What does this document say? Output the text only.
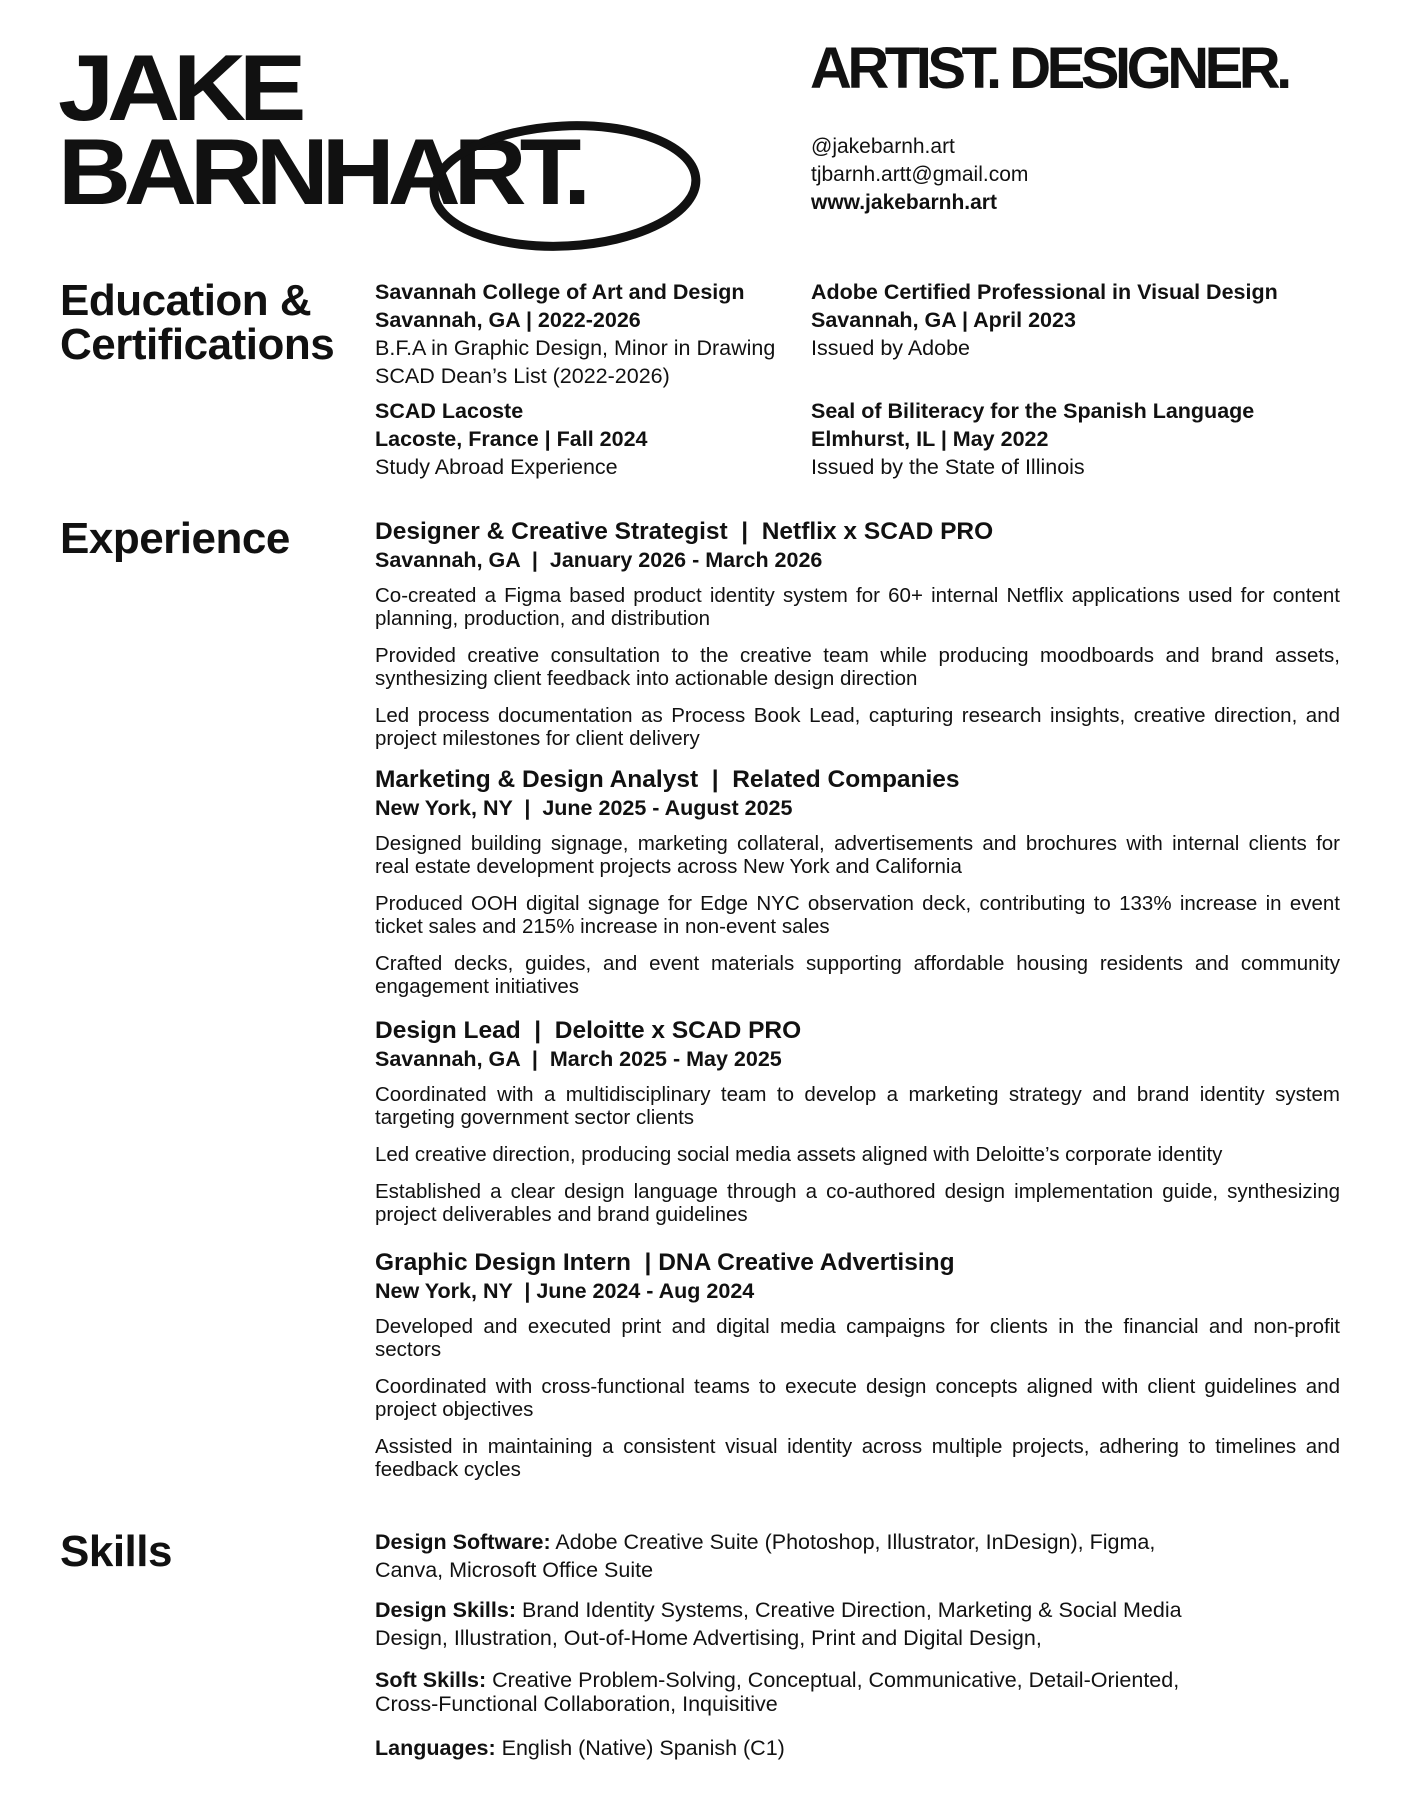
JAKE
BARNHART.
ARTIST. DESIGNER.
@jakebarnh.art
tjbarnh.artt@gmail.com
www.jakebarnh.art
Education &
Certifications
Savannah College of Art and Design
Savannah, GA | 2022-2026
B.F.A in Graphic Design, Minor in Drawing
SCAD Dean’s List (2022-2026)
Adobe Certified Professional in Visual Design
Savannah, GA | April 2023
Issued by Adobe
SCAD Lacoste
Lacoste, France | Fall 2024
Study Abroad Experience
Seal of Biliteracy for the Spanish Language
Elmhurst, IL | May 2022
Issued by the State of Illinois
Experience	Designer & Creative Strategist  |  Netflix x SCAD PRO
Savannah, GA  |  January 2026 - March 2026
Co-created a Figma based product identity system for 60+ internal Netflix applications used for content planning, production, and distribution
Provided creative consultation to the creative team while producing moodboards and brand assets, synthesizing client feedback into actionable design direction
Led process documentation as Process Book Lead, capturing research insights, creative direction, and project milestones for client delivery
Marketing & Design Analyst  |  Related Companies
New York, NY  |  June 2025 - August 2025
Designed building signage, marketing collateral, advertisements and brochures with internal clients for real estate development projects across New York and California
Produced OOH digital signage for Edge NYC observation deck, contributing to 133% increase in event ticket sales and 215% increase in non-event sales
Crafted decks, guides, and event materials supporting affordable housing residents and community engagement initiatives
Design Lead  |  Deloitte x SCAD PRO
Savannah, GA  |  March 2025 - May 2025
Coordinated with a multidisciplinary team to develop a marketing strategy and brand identity system targeting government sector clients
Led creative direction, producing social media assets aligned with Deloitte’s corporate identity
Established a clear design language through a co-authored design implementation guide, synthesizing project deliverables and brand guidelines
Graphic Design Intern  | DNA Creative Advertising
New York, NY  | June 2024 - Aug 2024
Developed and executed print and digital media campaigns for clients in the financial and non-profit sectors
Coordinated with cross-functional teams to execute design concepts aligned with client guidelines and project objectives
Assisted in maintaining a consistent visual identity across multiple projects, adhering to timelines and feedback cycles
Skills	Design Software: Adobe Creative Suite (Photoshop, Illustrator, InDesign), Figma, Canva, Microsoft Office Suite
Design Skills: Brand Identity Systems, Creative Direction, Marketing & Social Media Design, Illustration, Out-of-Home Advertising, Print and Digital Design,
Soft Skills: Creative Problem-Solving, Conceptual, Communicative, Detail-Oriented, Cross-Functional Collaboration, Inquisitive
Languages: English (Native) Spanish (C1)
